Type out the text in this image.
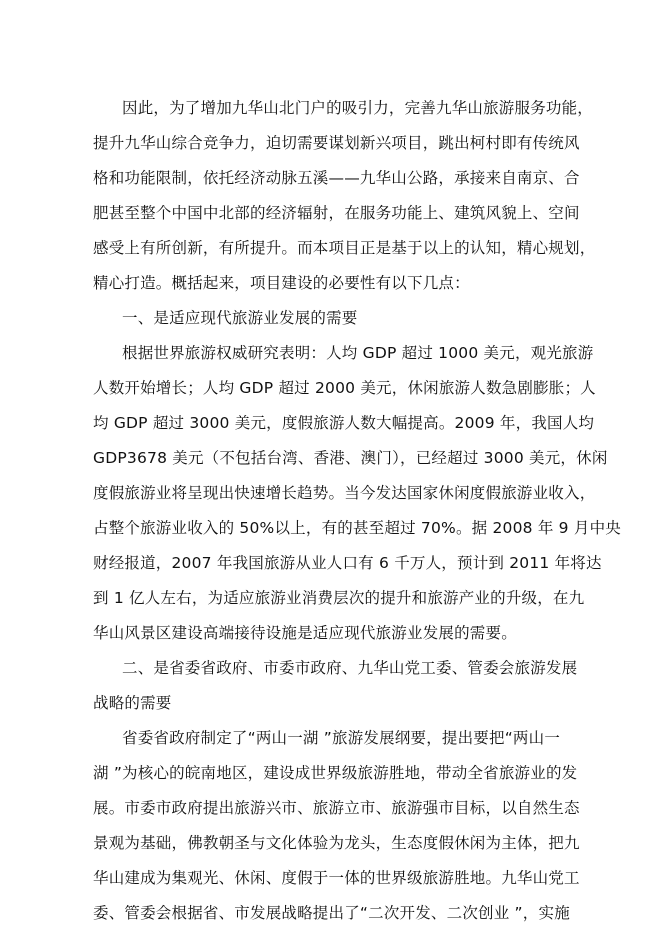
因此，为了增加九华山北门户的吸引力，完善九华山旅游服务功能，
提升九华山综合竞争力，迫切需要谋划新兴项目，跳出柯村即有传统风
格和功能限制，依托经济动脉五溪——九华山公路，承接来自南京、合
肥甚至整个中国中北部的经济辐射，在服务功能上、建筑风貌上、空间
感受上有所创新，有所提升。而本项目正是基于以上的认知，精心规划，
精心打造。概括起来，项目建设的必要性有以下几点：
一、是适应现代旅游业发展的需要
根据世界旅游权威研究表明：人均 GDP 超过 1000 美元，观光旅游
人数开始增长；人均 GDP 超过 2000 美元，休闲旅游人数急剧膨胀；人
均 GDP 超过 3000 美元，度假旅游人数大幅提高。2009 年，我国人均
GDP3678 美元（不包括台湾、香港、澳门），已经超过 3000 美元，休闲
度假旅游业将呈现出快速增长趋势。当今发达国家休闲度假旅游业收入，
占整个旅游业收入的 50%以上，有的甚至超过 70%。据 2008 年 9 月中央
财经报道，2007 年我国旅游从业人口有 6 千万人，预计到 2011 年将达
到 1 亿人左右，为适应旅游业消费层次的提升和旅游产业的升级，在九
华山风景区建设高端接待设施是适应现代旅游业发展的需要。
二、是省委省政府、市委市政府、九华山党工委、管委会旅游发展
战略的需要
省委省政府制定了“两山一湖 ”旅游发展纲要，提出要把“两山一
湖 ”为核心的皖南地区，建设成世界级旅游胜地，带动全省旅游业的发
展。市委市政府提出旅游兴市、旅游立市、旅游强市目标，以自然生态
景观为基础，佛教朝圣与文化体验为龙头，生态度假休闲为主体，把九
华山建成为集观光、休闲、度假于一体的世界级旅游胜地。九华山党工
委、管委会根据省、市发展战略提出了“二次开发、二次创业 ”，实施
